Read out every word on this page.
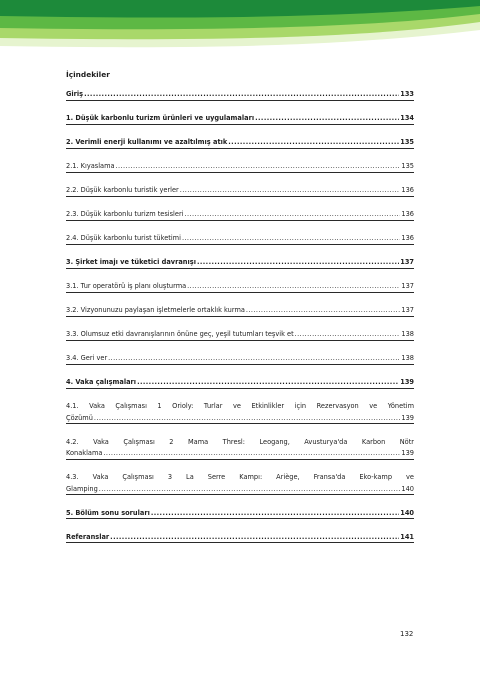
İçindekiler
Giriş .....	133
1. Düşük karbonlu turizm ürünleri ve uygulamaları .....	134
2. Verimli enerji kullanımı ve azaltılmış atık .....	135
2.1. Kıyaslama .....	135
2.2. Düşük karbonlu turistik yerler .....	136
2.3. Düşük karbonlu turizm tesisleri .....	136
2.4. Düşük karbonlu turist tüketimi .....	136
3. Şirket imajı ve tüketici davranışı .....	137
3.1. Tur operatörü iş planı oluşturma .....	137
3.2. Vizyonunuzu paylaşan işletmelerle ortaklık kurma .....	137
3.3. Olumsuz etki davranışlarının önüne geç, yeşil tutumları teşvik et .....	138
3.4. Geri ver .....	138
4. Vaka çalışmaları .....	139
4.1. Vaka Çalışması 1 Orioly: Turlar ve Etkinlikler için Rezervasyon ve Yönetim
Çözümü .....	139
4.2. Vaka Çalışması 2 Mama Thresl: Leogang, Avusturya'da Karbon Nötr
Konaklama .....	139
4.3. Vaka Çalışması 3 La Serre Kampı: Ariège, Fransa'da Eko-kamp ve
Glamping .....	140
5. Bölüm sonu soruları .....	140
Referanslar .....	141
132
